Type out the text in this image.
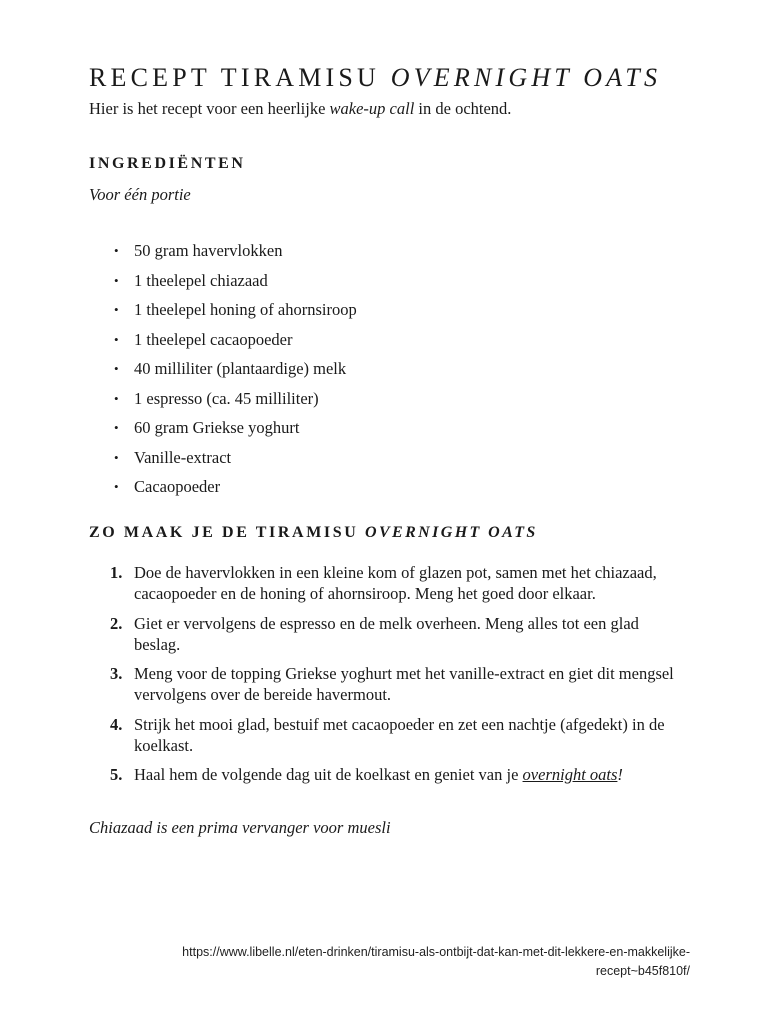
RECEPT TIRAMISU OVERNIGHT OATS

Hier is het recept voor een heerlijke wake-up call in de ochtend.

INGREDIËNTEN
Voor één portie
• 50 gram havervlokken
• 1 theelepel chiazaad
• 1 theelepel honing of ahornsiroop
• 1 theelepel cacaopoeder
• 40 milliliter (plantaardige) melk
• 1 espresso (ca. 45 milliliter)
• 60 gram Griekse yoghurt
• Vanille-extract
• Cacaopoeder
ZO MAAK JE DE TIRAMISU OVERNIGHT OATS
1. Doe de havervlokken in een kleine kom of glazen pot, samen met het chiazaad, cacaopoeder en de honing of ahornsiroop. Meng het goed door elkaar.
2. Giet er vervolgens de espresso en de melk overheen. Meng alles tot een glad beslag.
3. Meng voor de topping Griekse yoghurt met het vanille-extract en giet dit mengsel vervolgens over de bereide havermout.
4. Strijk het mooi glad, bestuif met cacaopoeder en zet een nachtje (afgedekt) in de koelkast.
5. Haal hem de volgende dag uit de koelkast en geniet van je overnight oats!
Chiazaad is een prima vervanger voor muesli
https://www.libelle.nl/eten-drinken/tiramisu-als-ontbijt-dat-kan-met-dit-lekkere-en-makkelijke-
recept~b45f810f/
